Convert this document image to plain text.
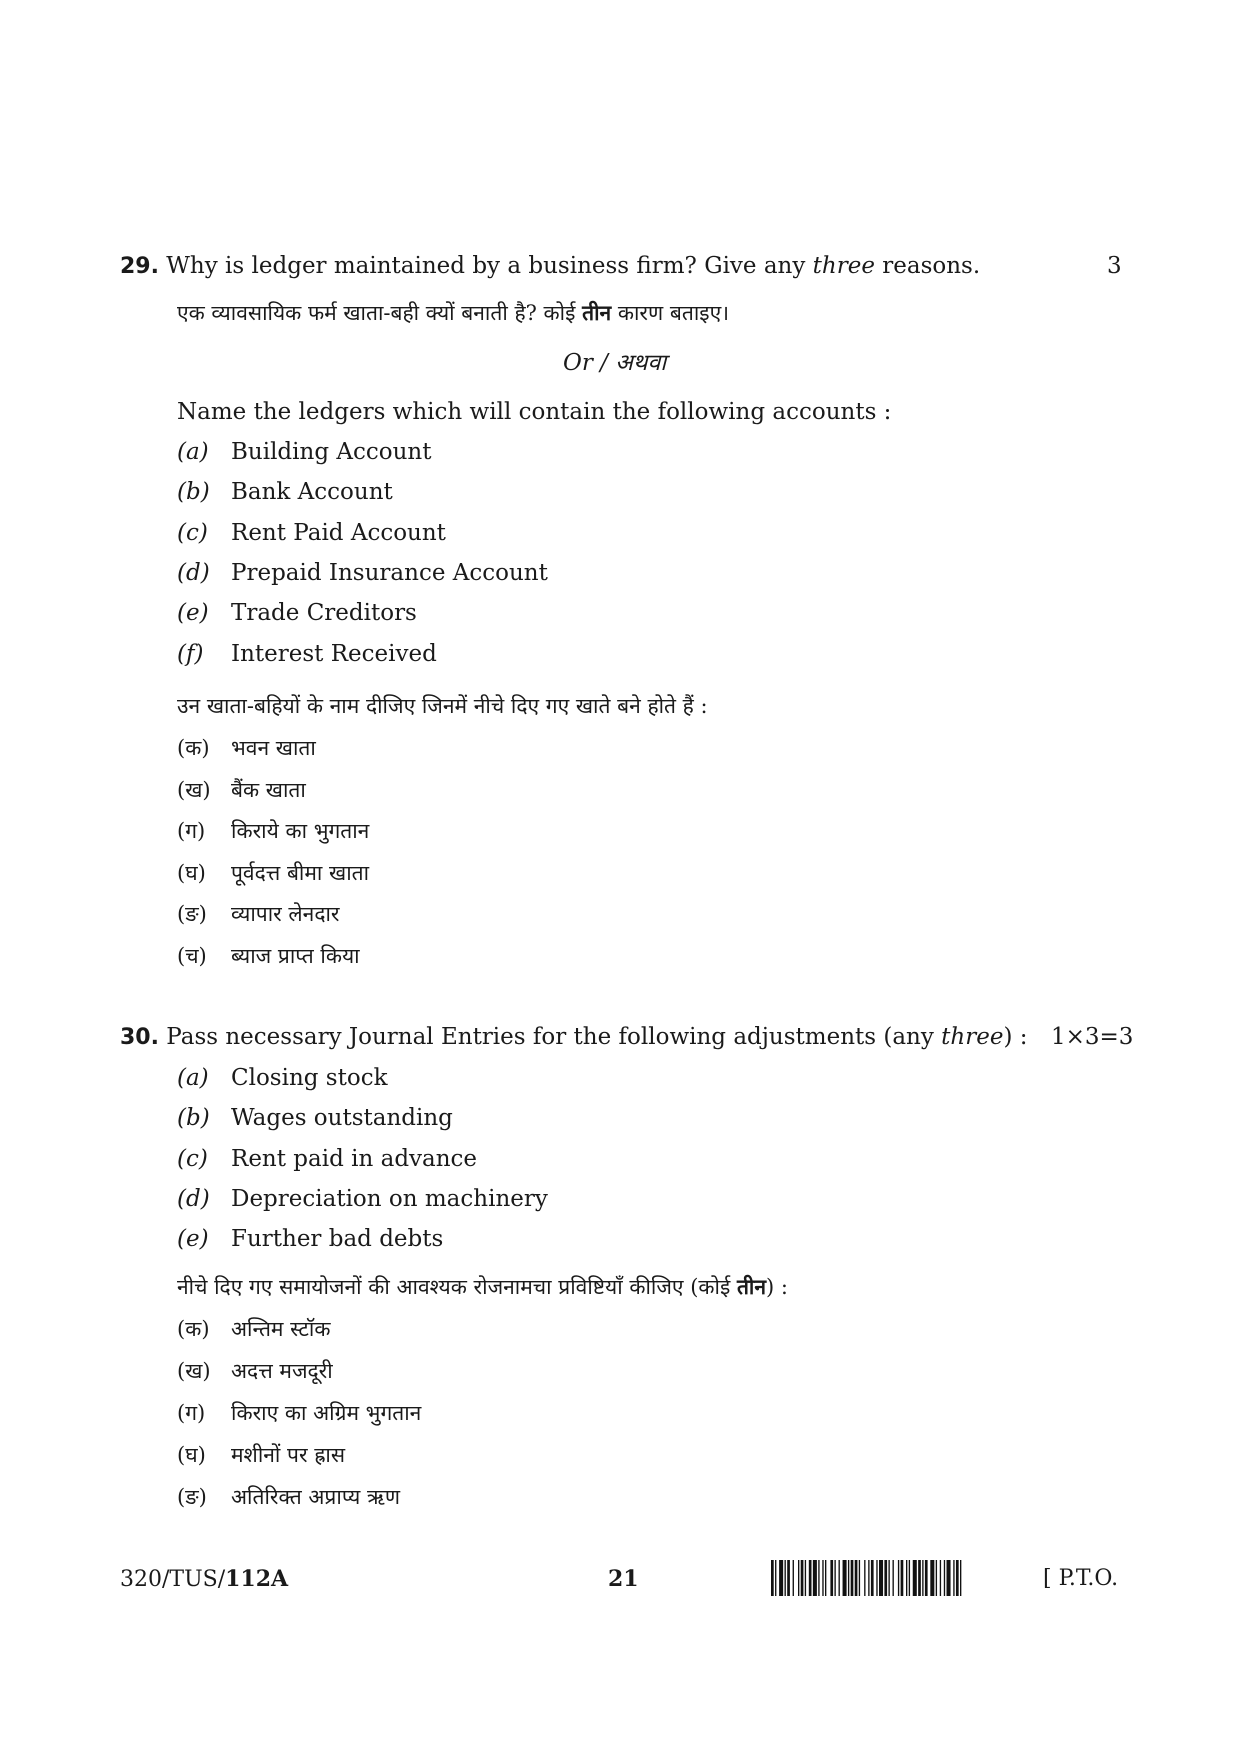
29. Why is ledger maintained by a business firm? Give any three reasons.	3
एक व्यावसायिक फर्म खाता-बही क्यों बनाती है? कोई तीन कारण बताइए।
Or / अथवा
Name the ledgers which will contain the following accounts :
(a) Building Account
(b) Bank Account
(c) Rent Paid Account
(d) Prepaid Insurance Account
(e) Trade Creditors
(f) Interest Received
उन खाता-बहियों के नाम दीजिए जिनमें नीचे दिए गए खाते बने होते हैं :
(क) भवन खाता
(ख) बैंक खाता
(ग) किराये का भुगतान
(घ) पूर्वदत्त बीमा खाता
(ङ) व्यापार लेनदार
(च) ब्याज प्राप्त किया
30. Pass necessary Journal Entries for the following adjustments (any three) : 1×3=3
(a) Closing stock
(b) Wages outstanding
(c) Rent paid in advance
(d) Depreciation on machinery
(e) Further bad debts
नीचे दिए गए समायोजनों की आवश्यक रोजनामचा प्रविष्टियाँ कीजिए (कोई तीन) :
(क) अन्तिम स्टॉक
(ख) अदत्त मजदूरी
(ग) किराए का अग्रिम भुगतान
(घ) मशीनों पर ह्रास
(ङ) अतिरिक्त अप्राप्य ऋण
320/TUS/112A	21	[ P.T.O.
